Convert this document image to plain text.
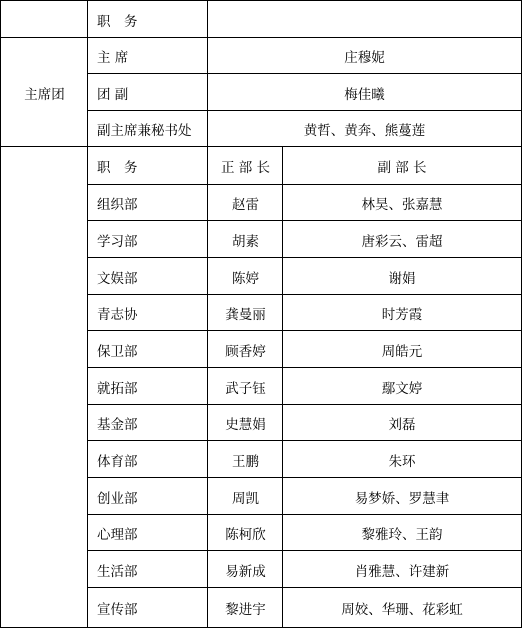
主席团
职　务
主 席	庄穆妮
团 副	梅佳曦
副主席兼秘书处	黄哲、黄奔、熊蔓莲
职　务	正 部 长	副 部 长
组织部	赵雷	林昊、张嘉慧
学习部	胡素	唐彩云、雷超
文娱部	陈婷	谢娟
青志协	龚曼丽	时芳霞
保卫部	顾香婷	周皓元
就拓部	武子钰	鄢文婷
基金部	史慧娟	刘磊
体育部	王鹏	朱环
创业部	周凯	易梦娇、罗慧聿
心理部	陈柯欣	黎雅玲、王韵
生活部	易新成	肖雅慧、许建新
宣传部	黎进宇	周姣、华珊、花彩虹
